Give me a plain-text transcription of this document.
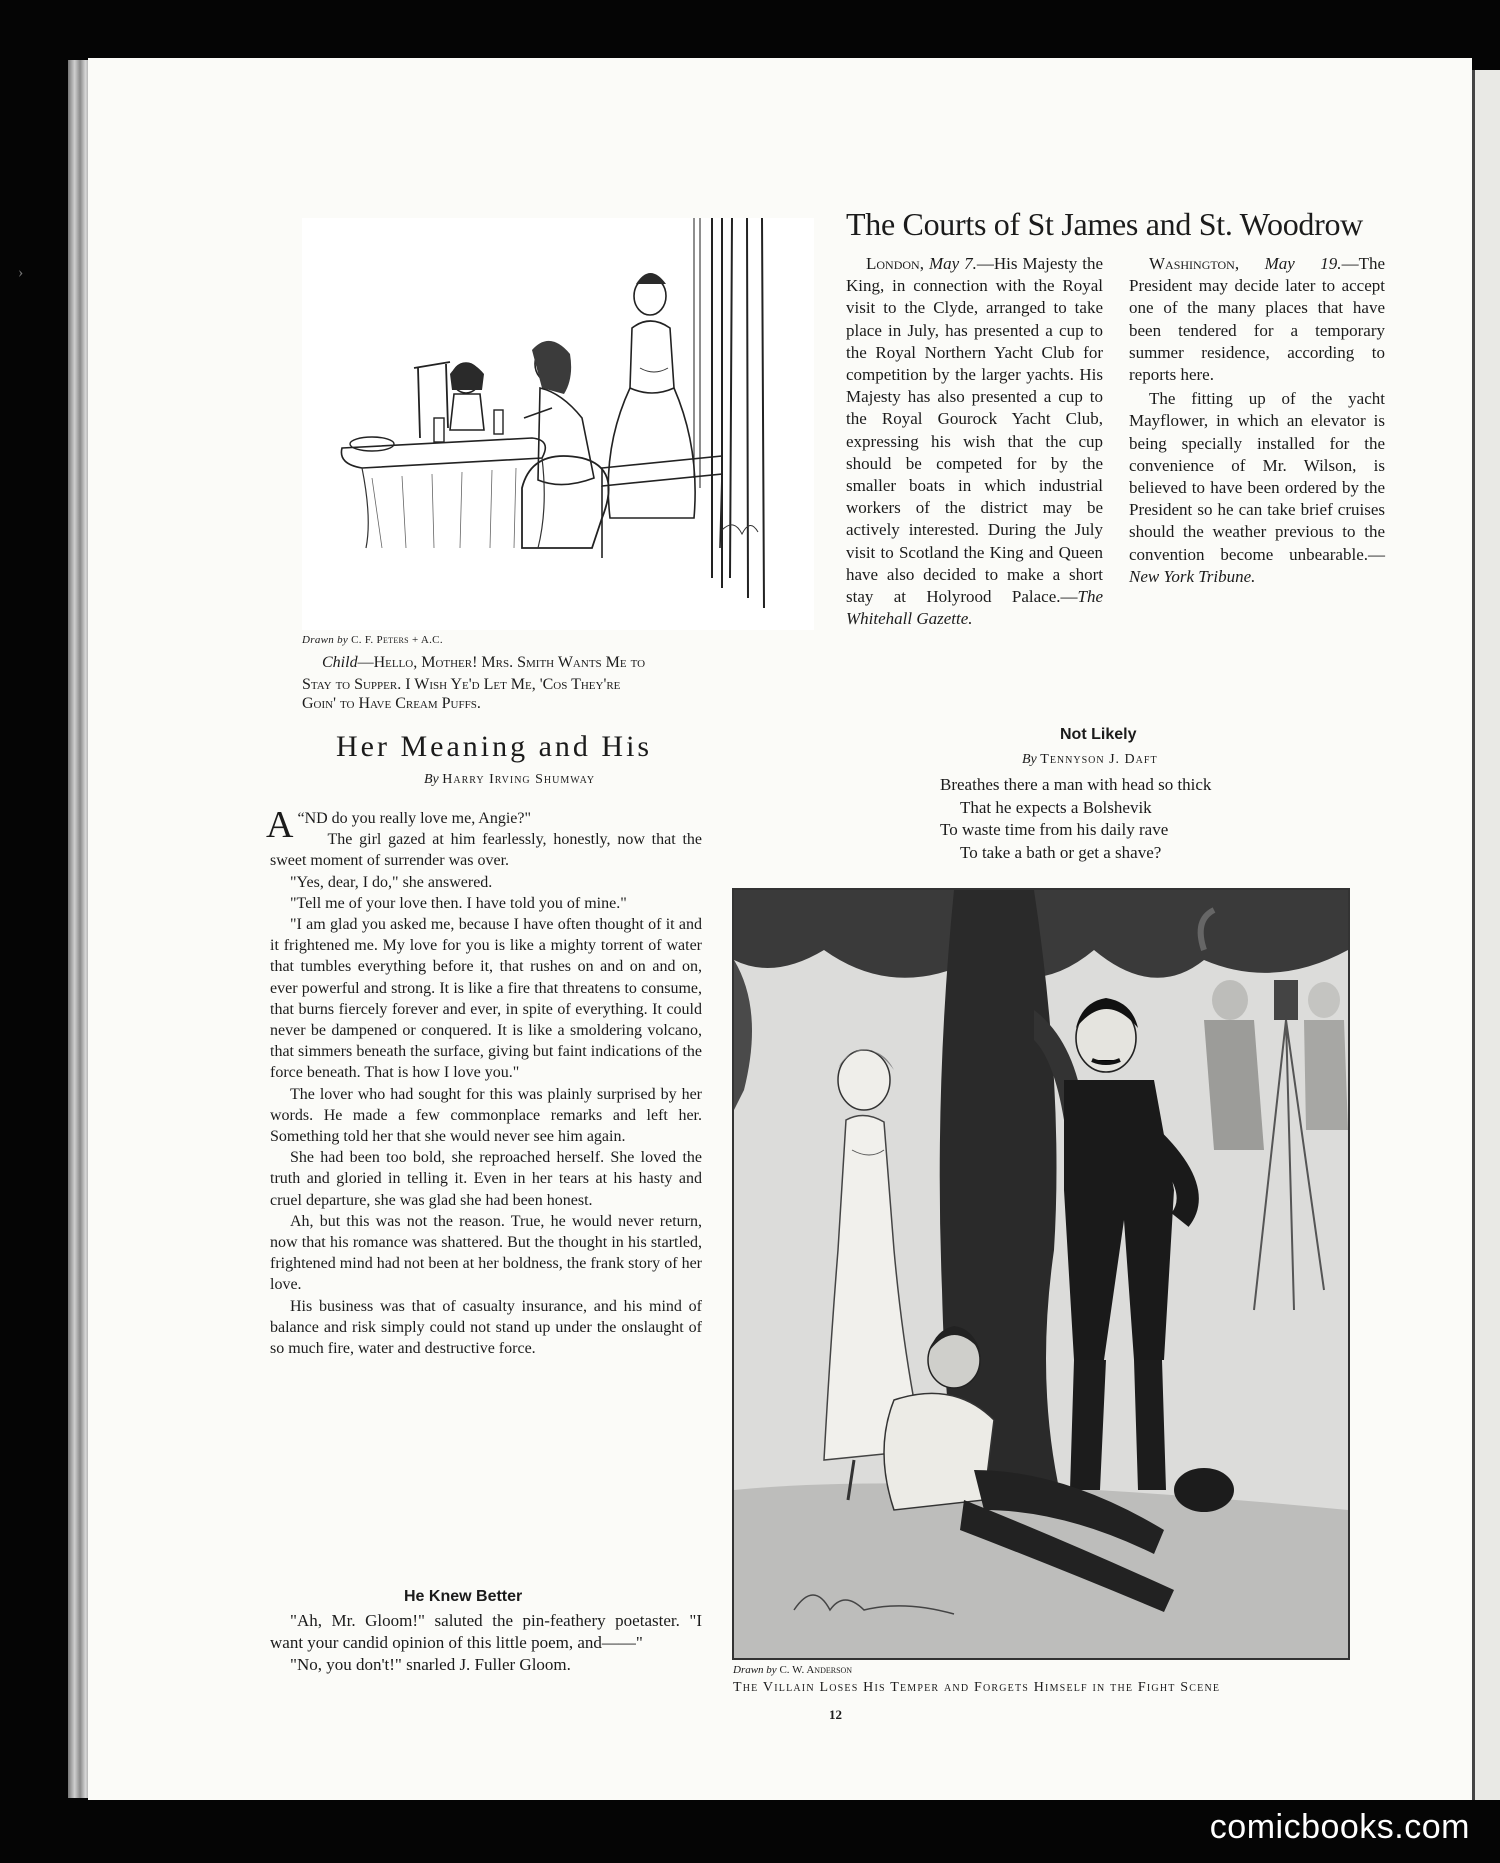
›
Drawn by C. F. Peters + A.C.
Child—Hello, Mother! Mrs. Smith Wants Me to
Stay to Supper. I Wish Ye'd Let Me, 'Cos They're
Goin' to Have Cream Puffs.
The Courts of St James and St. Woodrow

London, May 7.—His Majesty the King, in connection with the Royal visit to the Clyde, arranged to take place in July, has presented a cup to the Royal Northern Yacht Club for competition by the larger yachts. His Majesty has also presented a cup to the Royal Gourock Yacht Club, expressing his wish that the cup should be competed for by the smaller boats in which industrial workers of the district may be actively interested. During the July visit to Scotland the King and Queen have also decided to make a short stay at Holyrood Palace.—The Whitehall Gazette.

Washington, May 19.—The President may decide later to accept one of the many places that have been tendered for a temporary summer residence, according to reports here.

The fitting up of the yacht Mayflower, in which an elevator is being specially installed for the convenience of Mr. Wilson, is believed to have been ordered by the President so he can take brief cruises should the weather previous to the convention become unbearable.—New York Tribune.

Her Meaning and His
By Harry Irving Shumway

“
A ND do you really love me, Angie?"
The girl gazed at him fearlessly, honestly, now that the sweet moment of surrender was over.

"Yes, dear, I do," she answered.

"Tell me of your love then. I have told you of mine."

"I am glad you asked me, because I have often thought of it and it frightened me. My love for you is like a mighty torrent of water that tumbles everything before it, that rushes on and on and on, ever powerful and strong. It is like a fire that threatens to consume, that burns fiercely forever and ever, in spite of everything. It could never be dampened or conquered. It is like a smoldering volcano, that simmers beneath the surface, giving but faint indications of the force beneath. That is how I love you."

The lover who had sought for this was plainly surprised by her words. He made a few commonplace remarks and left her. Something told her that she would never see him again.

She had been too bold, she reproached herself. She loved the truth and gloried in telling it. Even in her tears at his hasty and cruel departure, she was glad she had been honest.

Ah, but this was not the reason. True, he would never return, now that his romance was shattered. But the thought in his startled, frightened mind had not been at her boldness, the frank story of her love.

His business was that of casualty insurance, and his mind of balance and risk simply could not stand up under the onslaught of so much fire, water and destructive force.

Not Likely
By Tennyson J. Daft
Breathes there a man with head so thick
That he expects a Bolshevik
To waste time from his daily rave
To take a bath or get a shave?
Drawn by C. W. Anderson
The Villain Loses His Temper and Forgets Himself in the Fight Scene
He Knew Better

"Ah, Mr. Gloom!" saluted the pin-feathery poetaster. "I want your candid opinion of this little poem, and——"

"No, you don't!" snarled J. Fuller Gloom.

12
comicbooks.com
